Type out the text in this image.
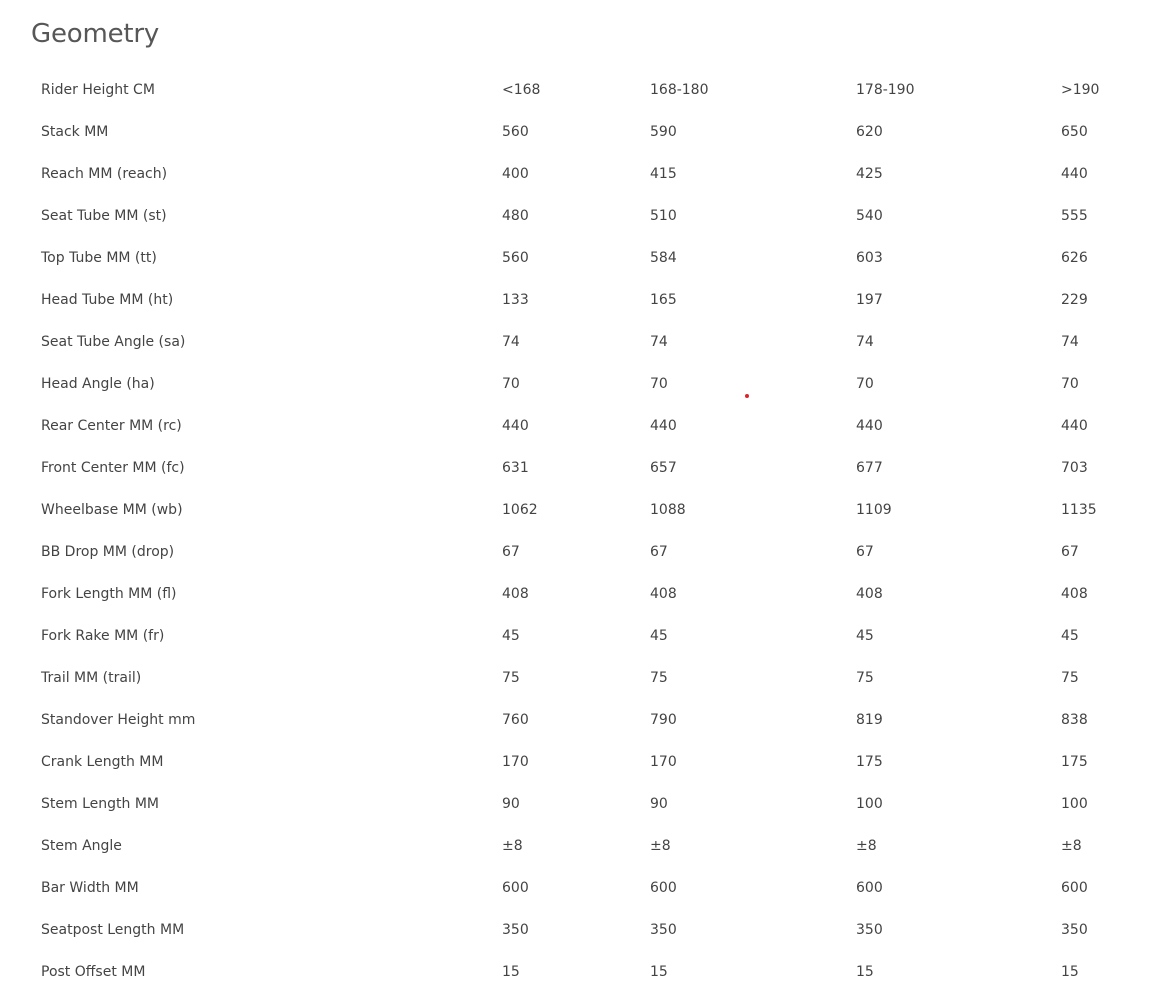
Geometry
Rider Height CM	<168	168-180	178-190	>190
Stack MM	560	590	620	650
Reach MM (reach)	400	415	425	440
Seat Tube MM (st)	480	510	540	555
Top Tube MM (tt)	560	584	603	626
Head Tube MM (ht)	133	165	197	229
Seat Tube Angle (sa)	74	74	74	74
Head Angle (ha)	70	70	70	70
Rear Center MM (rc)	440	440	440	440
Front Center MM (fc)	631	657	677	703
Wheelbase MM (wb)	1062	1088	1109	1135
BB Drop MM (drop)	67	67	67	67
Fork Length MM (fl)	408	408	408	408
Fork Rake MM (fr)	45	45	45	45
Trail MM (trail)	75	75	75	75
Standover Height mm	760	790	819	838
Crank Length MM	170	170	175	175
Stem Length MM	90	90	100	100
Stem Angle	±8	±8	±8	±8
Bar Width MM	600	600	600	600
Seatpost Length MM	350	350	350	350
Post Offset MM	15	15	15	15
